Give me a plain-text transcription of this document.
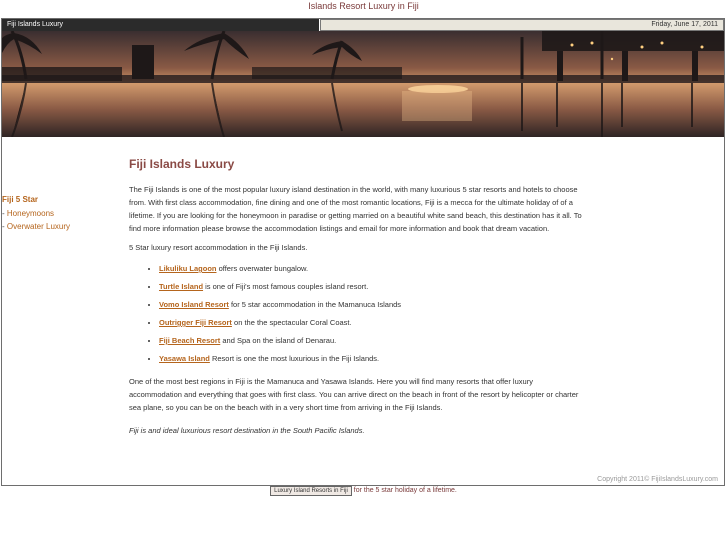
Islands Resort Luxury in Fiji
Fiji Islands Luxury	Friday, June 17, 2011
Fiji 5 Star
- Honeymoons
- Overwater Luxury
Fiji Islands Luxury

The Fiji Islands is one of the most popular luxury island destination in the world, with many luxurious 5 star resorts and hotels to choose from. With first class accommodation, fine dining and one of the most romantic locations, Fiji is a mecca for the ultimate holiday of of a lifetime. If you are looking for the honeymoon in paradise or getting married on a beautiful white sand beach, this destination has it all. To find more information please browse the accommodation listings and email for more information and book that dream vacation.

5 Star luxury resort accommodation in the Fiji Islands.

• Likuliku Lagoon offers overwater bungalow.
• Turtle Island is one of Fiji's most famous couples island resort.
• Vomo Island Resort for 5 star accommodation in the Mamanuca Islands
• Outrigger Fiji Resort on the the spectacular Coral Coast.
• Fiji Beach Resort and Spa on the island of Denarau.
• Yasawa Island Resort is one the most luxurious in the Fiji Islands.

One of the most best regions in Fiji is the Mamanuca and Yasawa Islands. Here you will find many resorts that offer luxury accommodation and everything that goes with first class. You can arrive direct on the beach in front of the resort by helicopter or charter sea plane, so you can be on the beach with in a very short time from arriving in the Fiji Islands.

Fiji is and ideal luxurious resort destination in the South Pacific Islands.

Copyright 2011© FijiIslandsLuxury.com
Luxury Island Resorts in Fiji for the 5 star holiday of a lifetime.
